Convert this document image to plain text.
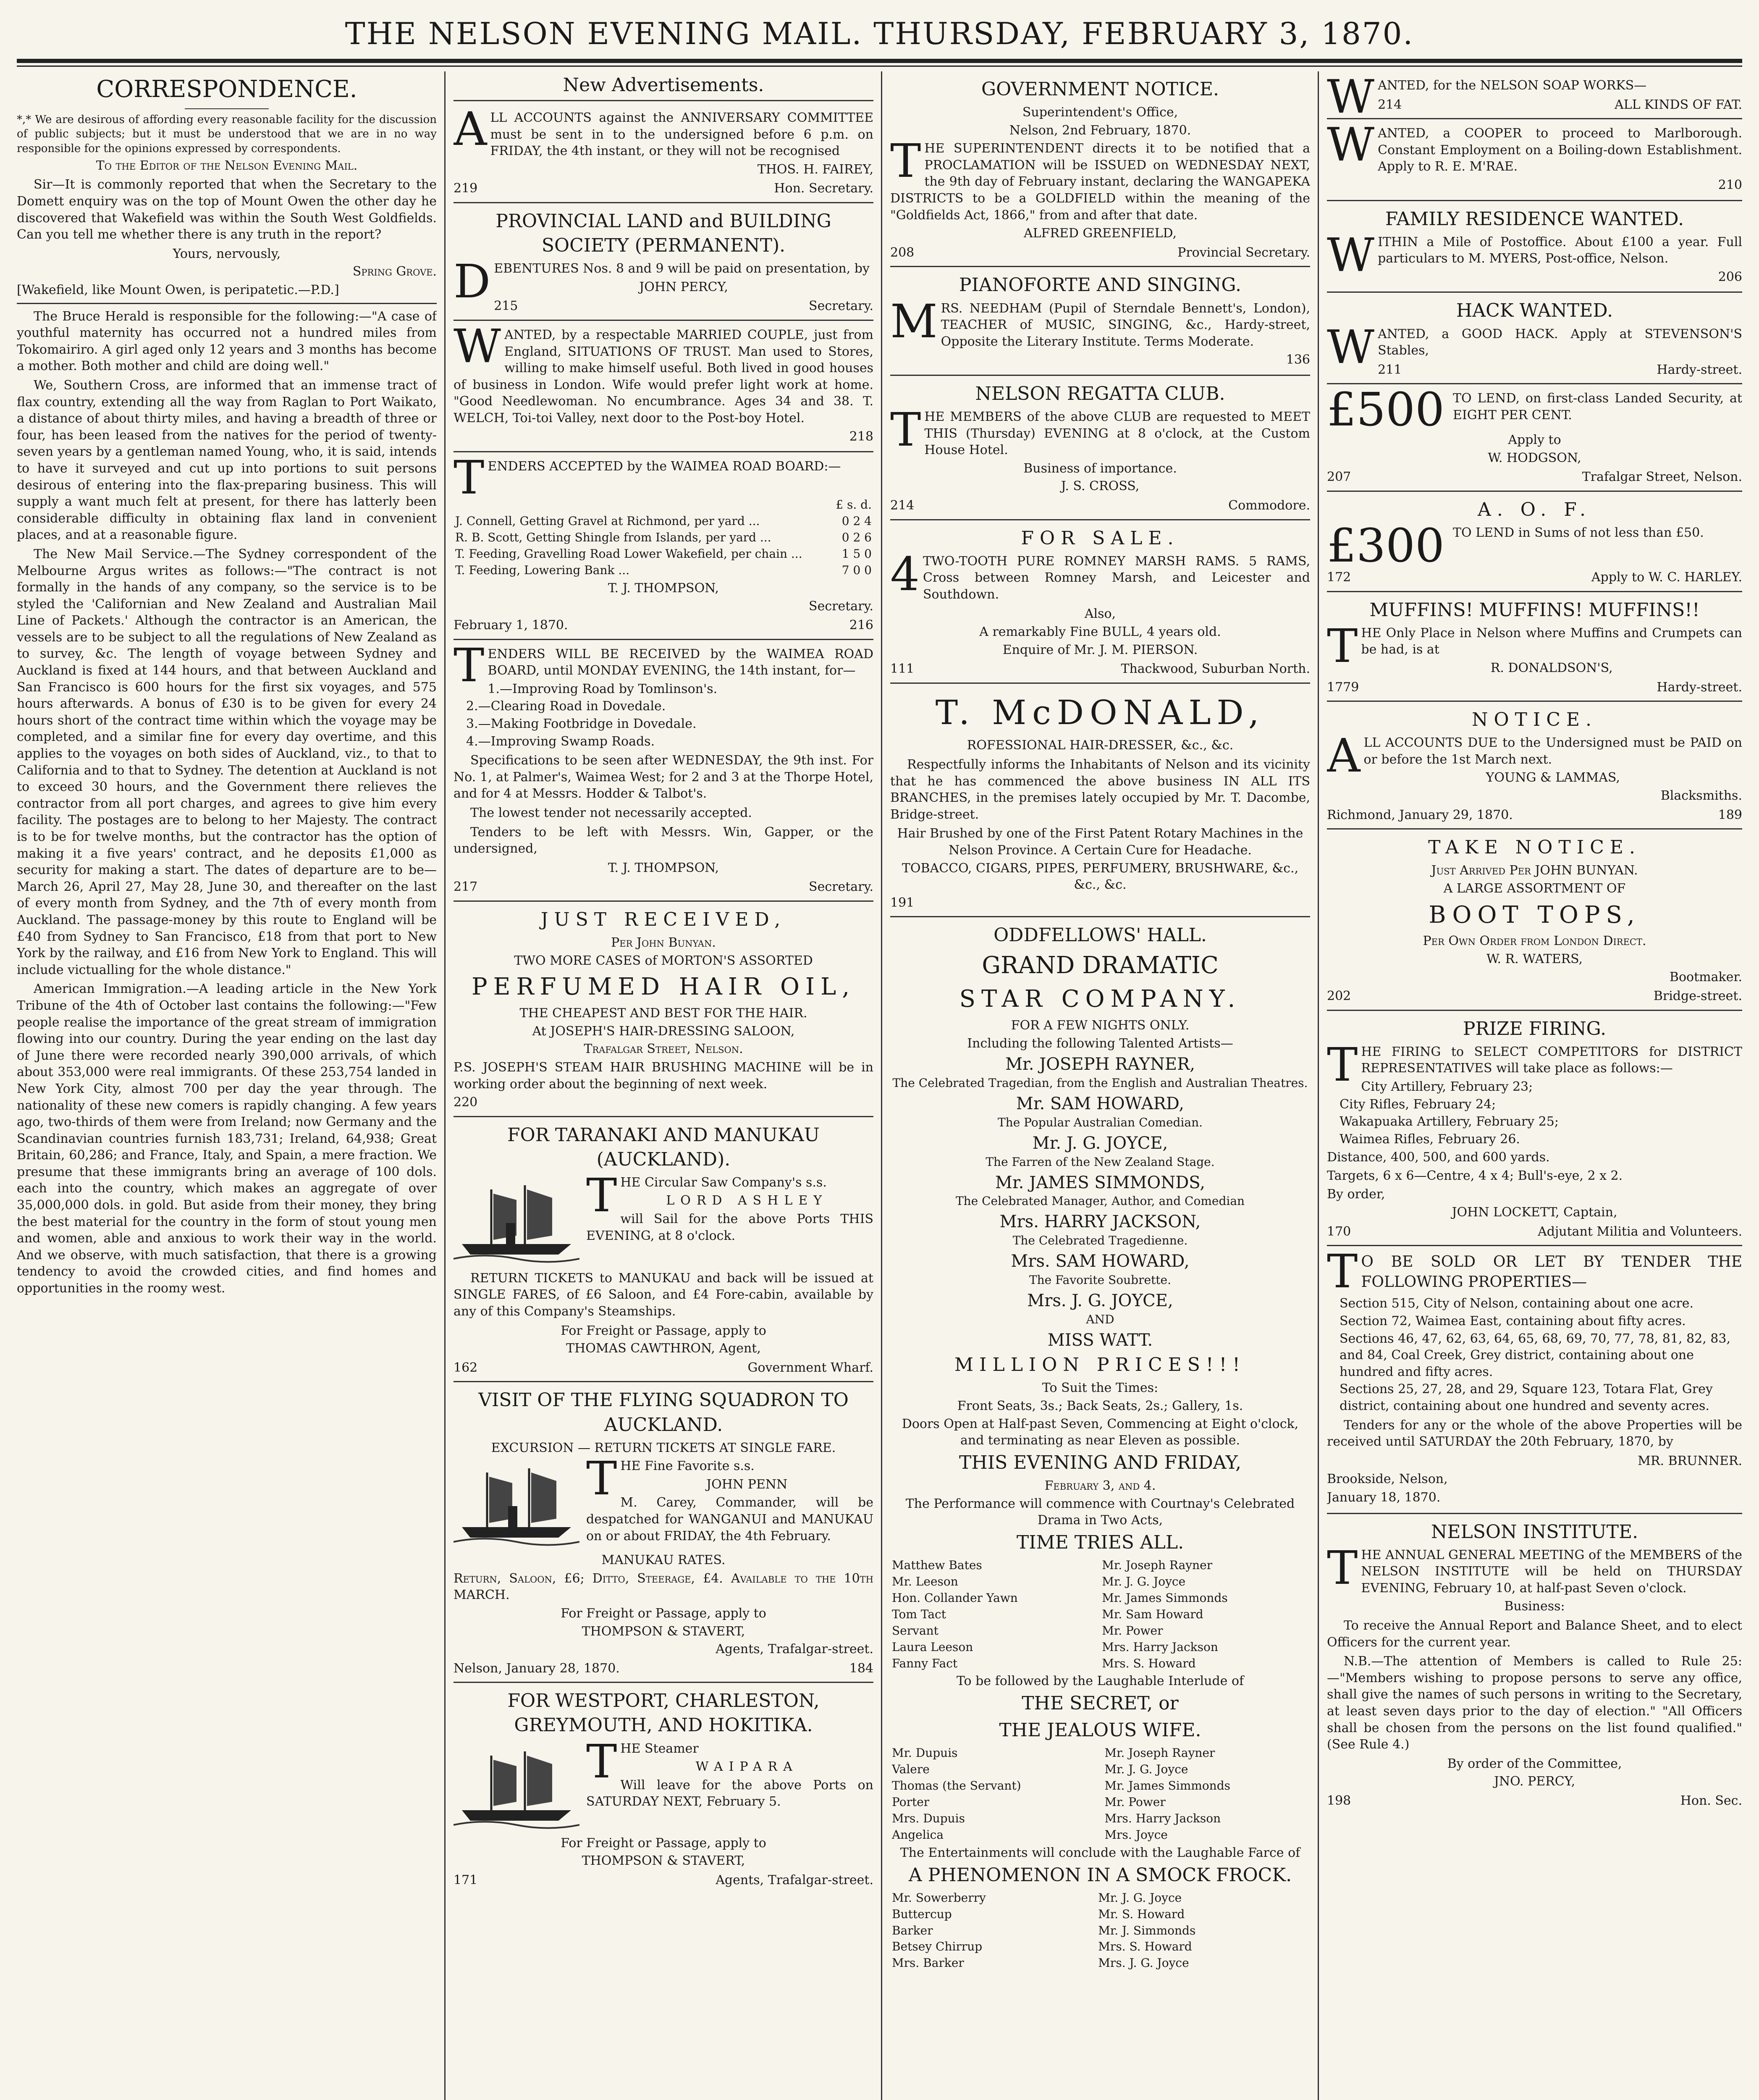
THE NELSON EVENING MAIL. THURSDAY, FEBRUARY 3, 1870.
CORRESPONDENCE.
*,* We are desirous of affording every reasonable facility for the discussion of public subjects; but it must be understood that we are in no way responsible for the opinions expressed by correspondents.
To the Editor of the Nelson Evening Mail.
Sir—It is commonly reported that when the Secretary to the Domett enquiry was on the top of Mount Owen the other day he discovered that Wakefield was within the South West Goldfields. Can you tell me whether there is any truth in the report?
Yours, nervously,
Spring Grove.
[Wakefield, like Mount Owen, is peripatetic.—P.D.]
The Bruce Herald is responsible for the following:—"A case of youthful maternity has occurred not a hundred miles from Tokomairiro. A girl aged only 12 years and 3 months has become a mother. Both mother and child are doing well."
We, Southern Cross, are informed that an immense tract of flax country, extending all the way from Raglan to Port Waikato, a distance of about thirty miles, and having a breadth of three or four, has been leased from the natives for the period of twenty-seven years by a gentleman named Young, who, it is said, intends to have it surveyed and cut up into portions to suit persons desirous of entering into the flax-preparing business. This will supply a want much felt at present, for there has latterly been considerable difficulty in obtaining flax land in convenient places, and at a reasonable figure.
The New Mail Service.—The Sydney correspondent of the Melbourne Argus writes as follows:—"The contract is not formally in the hands of any company, so the service is to be styled the 'Californian and New Zealand and Australian Mail Line of Packets.' Although the contractor is an American, the vessels are to be subject to all the regulations of New Zealand as to survey, &c. The length of voyage between Sydney and Auckland is fixed at 144 hours, and that between Auckland and San Francisco is 600 hours for the first six voyages, and 575 hours afterwards. A bonus of £30 is to be given for every 24 hours short of the contract time within which the voyage may be completed, and a similar fine for every day overtime, and this applies to the voyages on both sides of Auckland, viz., to that to California and to that to Sydney. The detention at Auckland is not to exceed 30 hours, and the Government there relieves the contractor from all port charges, and agrees to give him every facility. The postages are to belong to her Majesty. The contract is to be for twelve months, but the contractor has the option of making it a five years' contract, and he deposits £1,000 as security for making a start. The dates of departure are to be—March 26, April 27, May 28, June 30, and thereafter on the last of every month from Sydney, and the 7th of every month from Auckland. The passage-money by this route to England will be £40 from Sydney to San Francisco, £18 from that port to New York by the railway, and £16 from New York to England. This will include victualling for the whole distance."
American Immigration.—A leading article in the New York Tribune of the 4th of October last contains the following:—"Few people realise the importance of the great stream of immigration flowing into our country. During the year ending on the last day of June there were recorded nearly 390,000 arrivals, of which about 353,000 were real immigrants. Of these 253,754 landed in New York City, almost 700 per day the year through. The nationality of these new comers is rapidly changing. A few years ago, two-thirds of them were from Ireland; now Germany and the Scandinavian countries furnish 183,731; Ireland, 64,938; Great Britain, 60,286; and France, Italy, and Spain, a mere fraction. We presume that these immigrants bring an average of 100 dols. each into the country, which makes an aggregate of over 35,000,000 dols. in gold. But aside from their money, they bring the best material for the country in the form of stout young men and women, able and anxious to work their way in the world. And we observe, with much satisfaction, that there is a growing tendency to avoid the crowded cities, and find homes and opportunities in the roomy west.
New Advertisements.
A LL ACCOUNTS against the ANNIVERSARY COMMITTEE must be sent in to the undersigned before 6 p.m. on FRIDAY, the 4th instant, or they will not be recognised
THOS. H. FAIREY,
219	Hon. Secretary.
PROVINCIAL LAND and BUILDING SOCIETY (PERMANENT).
D EBENTURES Nos. 8 and 9 will be paid on presentation, by
JOHN PERCY,
215	Secretary.
W ANTED, by a respectable MARRIED COUPLE, just from England, SITUATIONS OF TRUST. Man used to Stores, willing to make himself useful. Both lived in good houses of business in London. Wife would prefer light work at home. "Good Needlewoman. No encumbrance. Ages 34 and 38. T. WELCH, Toi-toi Valley, next door to the Post-boy Hotel.
218
T ENDERS ACCEPTED by the WAIMEA ROAD BOARD:—
	£ s. d.
J. Connell, Getting Gravel at Richmond, per yard ...	0 2 4
R. B. Scott, Getting Shingle from Islands, per yard ...	0 2 6
T. Feeding, Gravelling Road Lower Wakefield, per chain ...	1 5 0
T. Feeding, Lowering Bank ...	7 0 0
T. J. THOMPSON,
Secretary.
February 1, 1870.	216
T ENDERS WILL BE RECEIVED by the WAIMEA ROAD BOARD, until MONDAY EVENING, the 14th instant, for—
1.—Improving Road by Tomlinson's.
2.—Clearing Road in Dovedale.
3.—Making Footbridge in Dovedale.
4.—Improving Swamp Roads.
Specifications to be seen after WEDNESDAY, the 9th inst. For No. 1, at Palmer's, Waimea West; for 2 and 3 at the Thorpe Hotel, and for 4 at Messrs. Hodder & Talbot's.
The lowest tender not necessarily accepted.
Tenders to be left with Messrs. Win, Gapper, or the undersigned,
T. J. THOMPSON,
217	Secretary.
JUST RECEIVED,
Per John Bunyan.
TWO MORE CASES of MORTON'S ASSORTED
PERFUMED HAIR OIL,
THE CHEAPEST AND BEST FOR THE HAIR.
At JOSEPH'S HAIR-DRESSING SALOON,
Trafalgar Street, Nelson.
P.S. JOSEPH'S STEAM HAIR BRUSHING MACHINE will be in working order about the beginning of next week.
220
FOR TARANAKI AND MANUKAU (AUCKLAND).
T HE Circular Saw Company's s.s.
LORD ASHLEY
will Sail for the above Ports THIS EVENING, at 8 o'clock.
RETURN TICKETS to MANUKAU and back will be issued at SINGLE FARES, of £6 Saloon, and £4 Fore-cabin, available by any of this Company's Steamships.
For Freight or Passage, apply to
THOMAS CAWTHRON, Agent,
162	Government Wharf.
VISIT OF THE FLYING SQUADRON TO AUCKLAND.
EXCURSION — RETURN TICKETS AT SINGLE FARE.
T HE Fine Favorite s.s.
JOHN PENN
M. Carey, Commander, will be despatched for WANGANUI and MANUKAU on or about FRIDAY, the 4th February.
MANUKAU RATES.
Return, Saloon, £6; Ditto, Steerage, £4. Available to the 10th MARCH.
For Freight or Passage, apply to
THOMPSON & STAVERT,
Agents, Trafalgar-street.
Nelson, January 28, 1870.	184
FOR WESTPORT, CHARLESTON, GREYMOUTH, AND HOKITIKA.
T HE Steamer
WAIPARA
Will leave for the above Ports on SATURDAY NEXT, February 5.
For Freight or Passage, apply to
THOMPSON & STAVERT,
171	Agents, Trafalgar-street.
GOVERNMENT NOTICE.
Superintendent's Office,
Nelson, 2nd February, 1870.
T HE SUPERINTENDENT directs it to be notified that a PROCLAMATION will be ISSUED on WEDNESDAY NEXT, the 9th day of February instant, declaring the WANGAPEKA DISTRICTS to be a GOLDFIELD within the meaning of the "Goldfields Act, 1866," from and after that date.
ALFRED GREENFIELD,
208	Provincial Secretary.
PIANOFORTE AND SINGING.
M RS. NEEDHAM (Pupil of Sterndale Bennett's, London), TEACHER of MUSIC, SINGING, &c., Hardy-street, Opposite the Literary Institute. Terms Moderate.
136
NELSON REGATTA CLUB.
T HE MEMBERS of the above CLUB are requested to MEET THIS (Thursday) EVENING at 8 o'clock, at the Custom House Hotel.
Business of importance.
J. S. CROSS,
214	Commodore.
FOR SALE.
4 TWO-TOOTH PURE ROMNEY MARSH RAMS. 5 RAMS, Cross between Romney Marsh, and Leicester and Southdown.
Also,
A remarkably Fine BULL, 4 years old.
Enquire of Mr. J. M. PIERSON.
111	Thackwood, Suburban North.
T. McDONALD,
ROFESSIONAL HAIR-DRESSER, &c., &c.
Respectfully informs the Inhabitants of Nelson and its vicinity that he has commenced the above business IN ALL ITS BRANCHES, in the premises lately occupied by Mr. T. Dacombe, Bridge-street.
Hair Brushed by one of the First Patent Rotary Machines in the Nelson Province. A Certain Cure for Headache.
TOBACCO, CIGARS, PIPES, PERFUMERY, BRUSHWARE, &c., &c., &c.
191
ODDFELLOWS' HALL.
GRAND DRAMATIC
STAR COMPANY.
FOR A FEW NIGHTS ONLY.
Including the following Talented Artists—
Mr. JOSEPH RAYNER,
The Celebrated Tragedian, from the English and Australian Theatres.
Mr. SAM HOWARD,
The Popular Australian Comedian.
Mr. J. G. JOYCE,
The Farren of the New Zealand Stage.
Mr. JAMES SIMMONDS,
The Celebrated Manager, Author, and Comedian
Mrs. HARRY JACKSON,
The Celebrated Tragedienne.
Mrs. SAM HOWARD,
The Favorite Soubrette.
Mrs. J. G. JOYCE,
AND
MISS WATT.
MILLION PRICES!!!
To Suit the Times:
Front Seats, 3s.; Back Seats, 2s.; Gallery, 1s.
Doors Open at Half-past Seven, Commencing at Eight o'clock, and terminating as near Eleven as possible.
THIS EVENING AND FRIDAY,
February 3, and 4.
The Performance will commence with Courtnay's Celebrated Drama in Two Acts,
TIME TRIES ALL.
Matthew Bates	Mr. Joseph Rayner
Mr. Leeson	Mr. J. G. Joyce
Hon. Collander Yawn	Mr. James Simmonds
Tom Tact	Mr. Sam Howard
Servant	Mr. Power
Laura Leeson	Mrs. Harry Jackson
Fanny Fact	Mrs. S. Howard
To be followed by the Laughable Interlude of
THE SECRET, or
THE JEALOUS WIFE.
Mr. Dupuis	Mr. Joseph Rayner
Valere	Mr. J. G. Joyce
Thomas (the Servant)	Mr. James Simmonds
Porter	Mr. Power
Mrs. Dupuis	Mrs. Harry Jackson
Angelica	Mrs. Joyce
The Entertainments will conclude with the Laughable Farce of
A PHENOMENON IN A SMOCK FROCK.
Mr. Sowerberry	Mr. J. G. Joyce
Buttercup	Mr. S. Howard
Barker	Mr. J. Simmonds
Betsey Chirrup	Mrs. S. Howard
Mrs. Barker	Mrs. J. G. Joyce
W ANTED, for the NELSON SOAP WORKS—
214	ALL KINDS OF FAT.
W ANTED, a COOPER to proceed to Marlborough. Constant Employment on a Boiling-down Establishment. Apply to R. E. M'RAE.
210
FAMILY RESIDENCE WANTED.
W ITHIN a Mile of Postoffice. About £100 a year. Full particulars to M. MYERS, Post-office, Nelson.
206
HACK WANTED.
W ANTED, a GOOD HACK. Apply at STEVENSON'S Stables,
211	Hardy-street.
£500 TO LEND, on first-class Landed Security, at EIGHT PER CENT.
Apply to
W. HODGSON,
207	Trafalgar Street, Nelson.
A. O. F.
£300 TO LEND in Sums of not less than £50.
172	Apply to W. C. HARLEY.
MUFFINS! MUFFINS! MUFFINS!!
T HE Only Place in Nelson where Muffins and Crumpets can be had, is at
R. DONALDSON'S,
1779	Hardy-street.
NOTICE.
A LL ACCOUNTS DUE to the Undersigned must be PAID on or before the 1st March next.
YOUNG & LAMMAS,
Blacksmiths.
Richmond, January 29, 1870.	189
TAKE NOTICE.
Just Arrived Per JOHN BUNYAN.
A LARGE ASSORTMENT OF
BOOT TOPS,
Per Own Order from London Direct.
W. R. WATERS,
Bootmaker.
202	Bridge-street.
PRIZE FIRING.
T HE FIRING to SELECT COMPETITORS for DISTRICT REPRESENTATIVES will take place as follows:—
City Artillery, February 23;
City Rifles, February 24;
Wakapuaka Artillery, February 25;
Waimea Rifles, February 26.
Distance, 400, 500, and 600 yards.
Targets, 6 x 6—Centre, 4 x 4; Bull's-eye, 2 x 2.
By order,
JOHN LOCKETT, Captain,
170	Adjutant Militia and Volunteers.
T O BE SOLD OR LET BY TENDER THE FOLLOWING PROPERTIES—
Section 515, City of Nelson, containing about one acre.
Section 72, Waimea East, containing about fifty acres.
Sections 46, 47, 62, 63, 64, 65, 68, 69, 70, 77, 78, 81, 82, 83, and 84, Coal Creek, Grey district, containing about one hundred and fifty acres.
Sections 25, 27, 28, and 29, Square 123, Totara Flat, Grey district, containing about one hundred and seventy acres.
Tenders for any or the whole of the above Properties will be received until SATURDAY the 20th February, 1870, by
MR. BRUNNER.
Brookside, Nelson,
January 18, 1870.
NELSON INSTITUTE.
T HE ANNUAL GENERAL MEETING of the MEMBERS of the NELSON INSTITUTE will be held on THURSDAY EVENING, February 10, at half-past Seven o'clock.
Business:
To receive the Annual Report and Balance Sheet, and to elect Officers for the current year.
N.B.—The attention of Members is called to Rule 25:—"Members wishing to propose persons to serve any office, shall give the names of such persons in writing to the Secretary, at least seven days prior to the day of election." "All Officers shall be chosen from the persons on the list found qualified." (See Rule 4.)
By order of the Committee,
JNO. PERCY,
198	Hon. Sec.
